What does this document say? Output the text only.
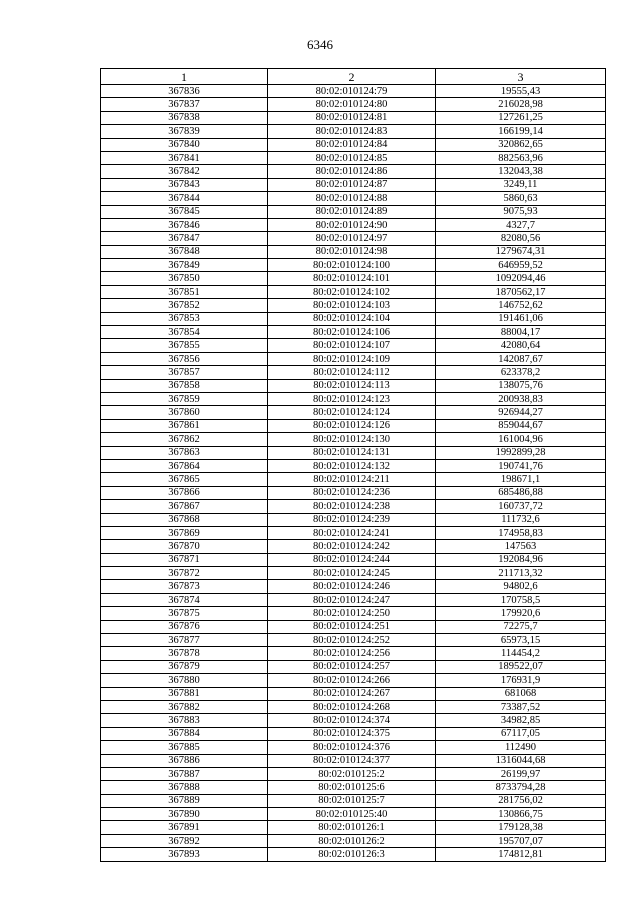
6346
1	2	3
367836	80:02:010124:79	19555,43
367837	80:02:010124:80	216028,98
367838	80:02:010124:81	127261,25
367839	80:02:010124:83	166199,14
367840	80:02:010124:84	320862,65
367841	80:02:010124:85	882563,96
367842	80:02:010124:86	132043,38
367843	80:02:010124:87	3249,11
367844	80:02:010124:88	5860,63
367845	80:02:010124:89	9075,93
367846	80:02:010124:90	4327,7
367847	80:02:010124:97	82080,56
367848	80:02:010124:98	1279674,31
367849	80:02:010124:100	646959,52
367850	80:02:010124:101	1092094,46
367851	80:02:010124:102	1870562,17
367852	80:02:010124:103	146752,62
367853	80:02:010124:104	191461,06
367854	80:02:010124:106	88004,17
367855	80:02:010124:107	42080,64
367856	80:02:010124:109	142087,67
367857	80:02:010124:112	623378,2
367858	80:02:010124:113	138075,76
367859	80:02:010124:123	200938,83
367860	80:02:010124:124	926944,27
367861	80:02:010124:126	859044,67
367862	80:02:010124:130	161004,96
367863	80:02:010124:131	1992899,28
367864	80:02:010124:132	190741,76
367865	80:02:010124:211	198671,1
367866	80:02:010124:236	685486,88
367867	80:02:010124:238	160737,72
367868	80:02:010124:239	111732,6
367869	80:02:010124:241	174958,83
367870	80:02:010124:242	147563
367871	80:02:010124:244	192084,96
367872	80:02:010124:245	211713,32
367873	80:02:010124:246	94802,6
367874	80:02:010124:247	170758,5
367875	80:02:010124:250	179920,6
367876	80:02:010124:251	72275,7
367877	80:02:010124:252	65973,15
367878	80:02:010124:256	114454,2
367879	80:02:010124:257	189522,07
367880	80:02:010124:266	176931,9
367881	80:02:010124:267	681068
367882	80:02:010124:268	73387,52
367883	80:02:010124:374	34982,85
367884	80:02:010124:375	67117,05
367885	80:02:010124:376	112490
367886	80:02:010124:377	1316044,68
367887	80:02:010125:2	26199,97
367888	80:02:010125:6	8733794,28
367889	80:02:010125:7	281756,02
367890	80:02:010125:40	130866,75
367891	80:02:010126:1	179128,38
367892	80:02:010126:2	195707,07
367893	80:02:010126:3	174812,81
